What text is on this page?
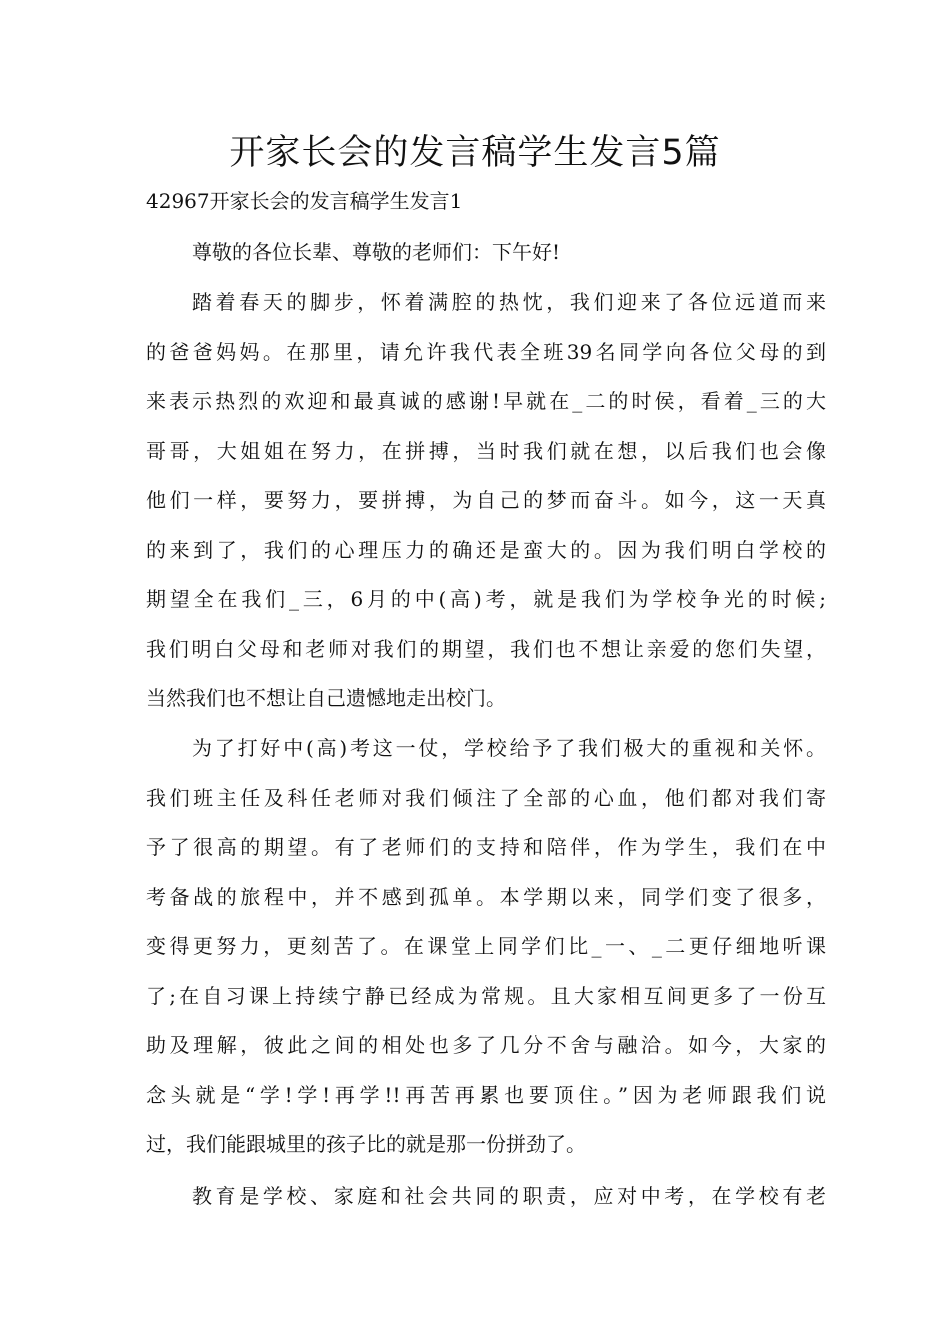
开家长会的发言稿学生发言5篇

42967开家长会的发言稿学生发言1

尊敬的各位长辈、尊敬的老师们：下午好!

踏着春天的脚步，怀着满腔的热忱，我们迎来了各位远道而来
的爸爸妈妈。在那里，请允许我代表全班39名同学向各位父母的到
来表示热烈的欢迎和最真诚的感谢!早就在_二的时侯，看着_三的大
哥哥，大姐姐在努力，在拼搏，当时我们就在想，以后我们也会像
他们一样，要努力，要拼搏，为自己的梦而奋斗。如今，这一天真
的来到了，我们的心理压力的确还是蛮大的。因为我们明白学校的
期望全在我们_三，6月的中(高)考，就是我们为学校争光的时候;
我们明白父母和老师对我们的期望，我们也不想让亲爱的您们失望，
当然我们也不想让自己遗憾地走出校门。

为了打好中(高)考这一仗，学校给予了我们极大的重视和关怀。
我们班主任及科任老师对我们倾注了全部的心血，他们都对我们寄
予了很高的期望。有了老师们的支持和陪伴，作为学生，我们在中
考备战的旅程中，并不感到孤单。本学期以来，同学们变了很多，
变得更努力，更刻苦了。在课堂上同学们比_一、_二更仔细地听课
了;在自习课上持续宁静已经成为常规。且大家相互间更多了一份互
助及理解，彼此之间的相处也多了几分不舍与融洽。如今，大家的
念头就是“学!学!再学!!再苦再累也要顶住。”因为老师跟我们说
过，我们能跟城里的孩子比的就是那一份拼劲了。

教育是学校、家庭和社会共同的职责，应对中考，在学校有老
